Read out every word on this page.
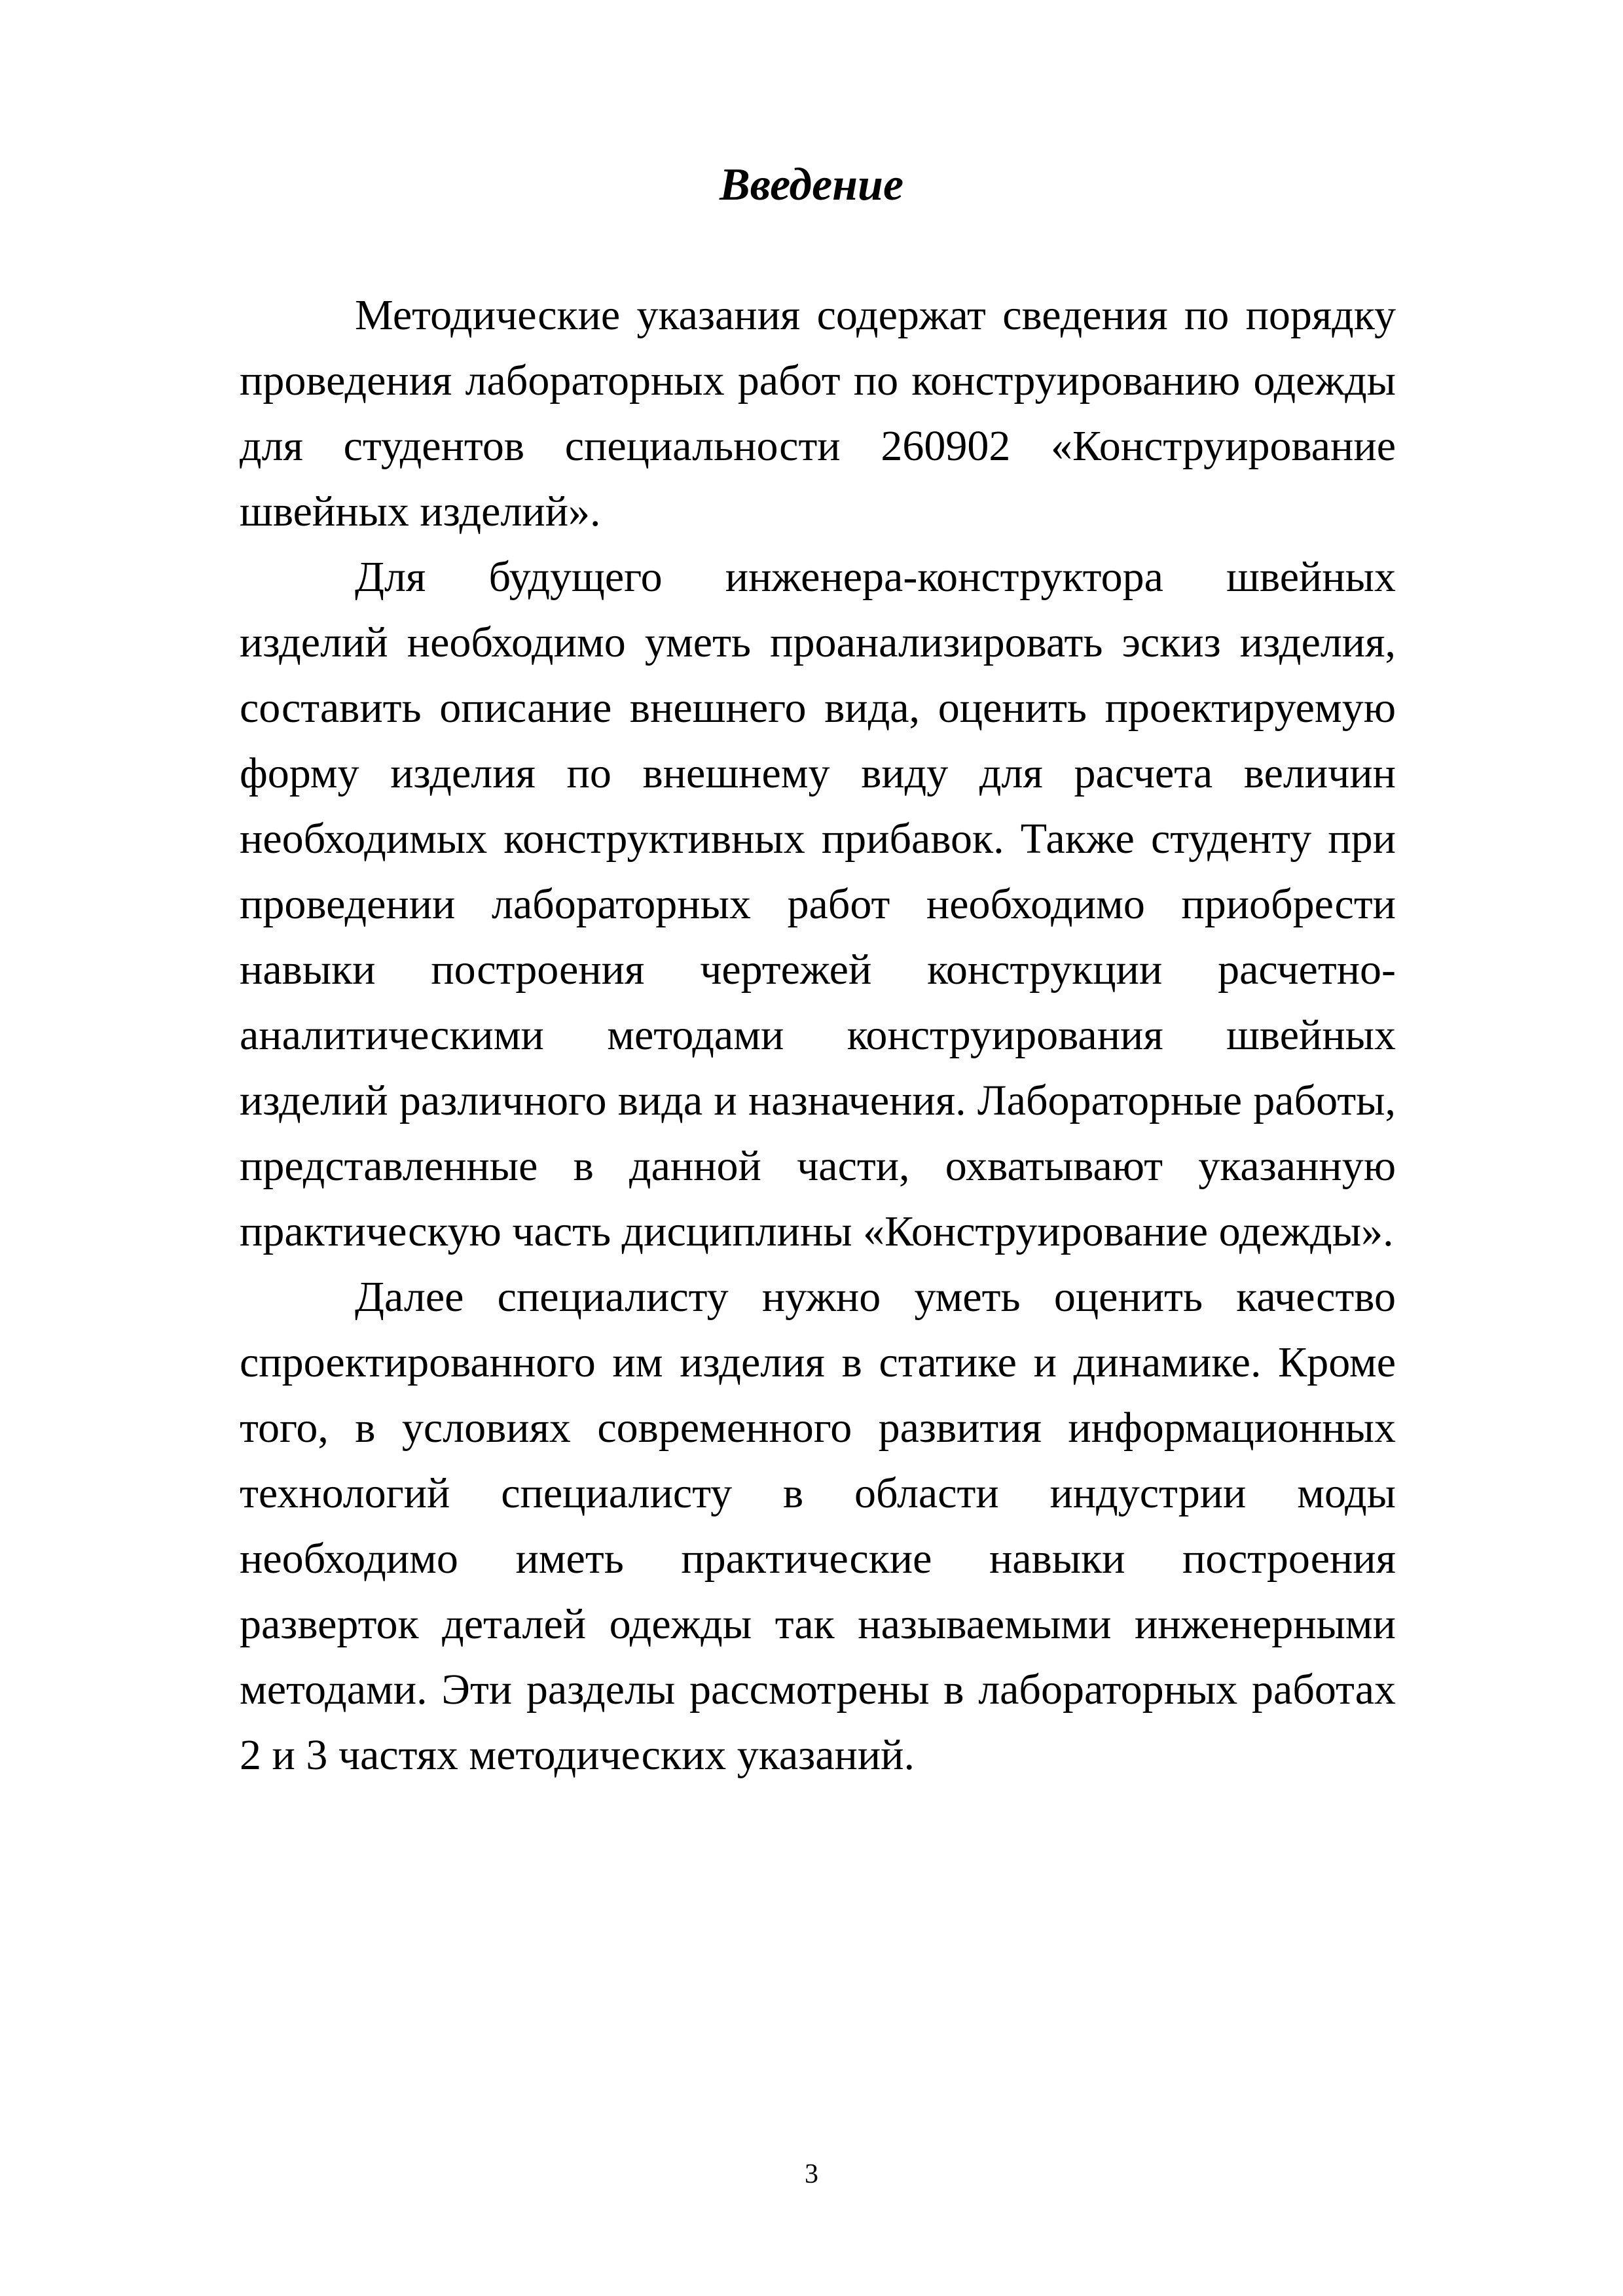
Введение

Методические указания содержат сведения по порядку проведения лабораторных работ по конструированию одежды для студентов специальности 260902 «Конструирование швейных изделий».

Для будущего инженера-конструктора швейных изделий необходимо уметь проанализировать эскиз изделия, составить описание внешнего вида, оценить проектируемую форму изделия по внешнему виду для расчета величин необходимых конструктивных прибавок. Также студенту при проведении лабораторных работ необходимо приобрести навыки построения чертежей конструкции расчетно-аналитическими методами конструирования швейных изделий различного вида и назначения. Лабораторные работы, представленные в данной части, охватывают указанную практическую часть дисциплины «Конструирование одежды».

Далее специалисту нужно уметь оценить качество спроектированного им изделия в статике и динамике. Кроме того, в условиях современного развития информационных технологий специалисту в области индустрии моды необходимо иметь практические навыки построения разверток деталей одежды так называемыми инженерными методами. Эти разделы рассмотрены в лабораторных работах 2 и 3 частях методических указаний.

3
